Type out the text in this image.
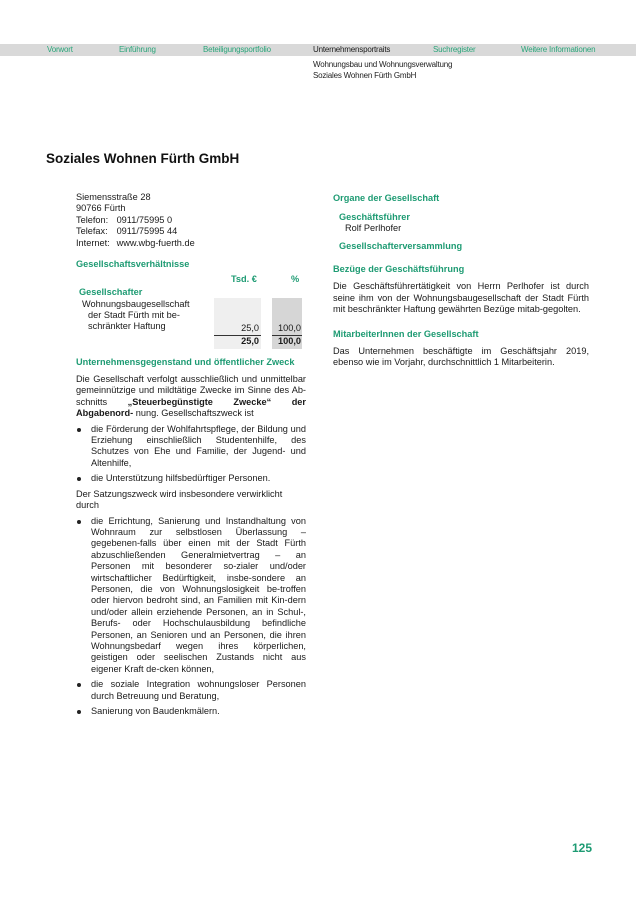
Vorwort	Einführung	Beteiligungsportfolio	Unternehmensportraits	Suchregister	Weitere Informationen
Wohnungsbau und Wohnungsverwaltung
Soziales Wohnen Fürth GmbH
Soziales Wohnen Fürth GmbH
Siemensstraße 28
90766 Fürth
Telefon: 0911/75995 0
Telefax: 0911/75995 44
Internet: www.wbg-fuerth.de
Gesellschaftsverhältnisse
Tsd. €	%
Gesellschafter
Wohnungsbaugesellschaft
der Stadt Fürth mit be-
schränkter Haftung	25,0 100,0
25,0 100,0
Unternehmensgegenstand und öffentlicher Zweck

Die Gesellschaft verfolgt ausschließlich und unmittelbar gemeinnützige und mildtätige Zwecke im Sinne des Ab-schnitts „Steuerbegünstigte Zwecke“ der Abgabenord- nung. Gesellschaftszweck ist

die Förderung der Wohlfahrtspflege, der Bildung und Erziehung einschließlich Studentenhilfe, des Schutzes von Ehe und Familie, der Jugend- und Altenhilfe,
die Unterstützung hilfsbedürftiger Personen.

Der Satzungszweck wird insbesondere verwirklicht durch

die Errichtung, Sanierung und Instandhaltung von Wohnraum zur selbstlosen Überlassung – gegebenen-falls über einen mit der Stadt Fürth abzuschließenden Generalmietvertrag – an Personen mit besonderer so-zialer und/oder wirtschaftlicher Bedürftigkeit, insbe-sondere an Personen, die von Wohnungslosigkeit be-troffen oder hiervon bedroht sind, an Familien mit Kin-dern und/oder allein erziehende Personen, an in Schul-, Berufs- oder Hochschulausbildung befindliche Personen, an Senioren und an Personen, die ihren Wohnungsbedarf wegen ihres körperlichen, geistigen oder seelischen Zustands nicht aus eigener Kraft de-cken können,
die soziale Integration wohnungsloser Personen durch Betreuung und Beratung,
Sanierung von Baudenkmälern.
Organe der Gesellschaft
Geschäftsführer
Rolf Perlhofer
Gesellschafterversammlung
Bezüge der Geschäftsführung

Die Geschäftsführertätigkeit von Herrn Perlhofer ist durch seine ihm von der Wohnungsbaugesellschaft der Stadt Fürth mit beschränkter Haftung gewährten Bezüge mitab-gegolten.

MitarbeiterInnen der Gesellschaft

Das Unternehmen beschäftigte im Geschäftsjahr 2019, ebenso wie im Vorjahr, durchschnittlich 1 Mitarbeiterin.

125
